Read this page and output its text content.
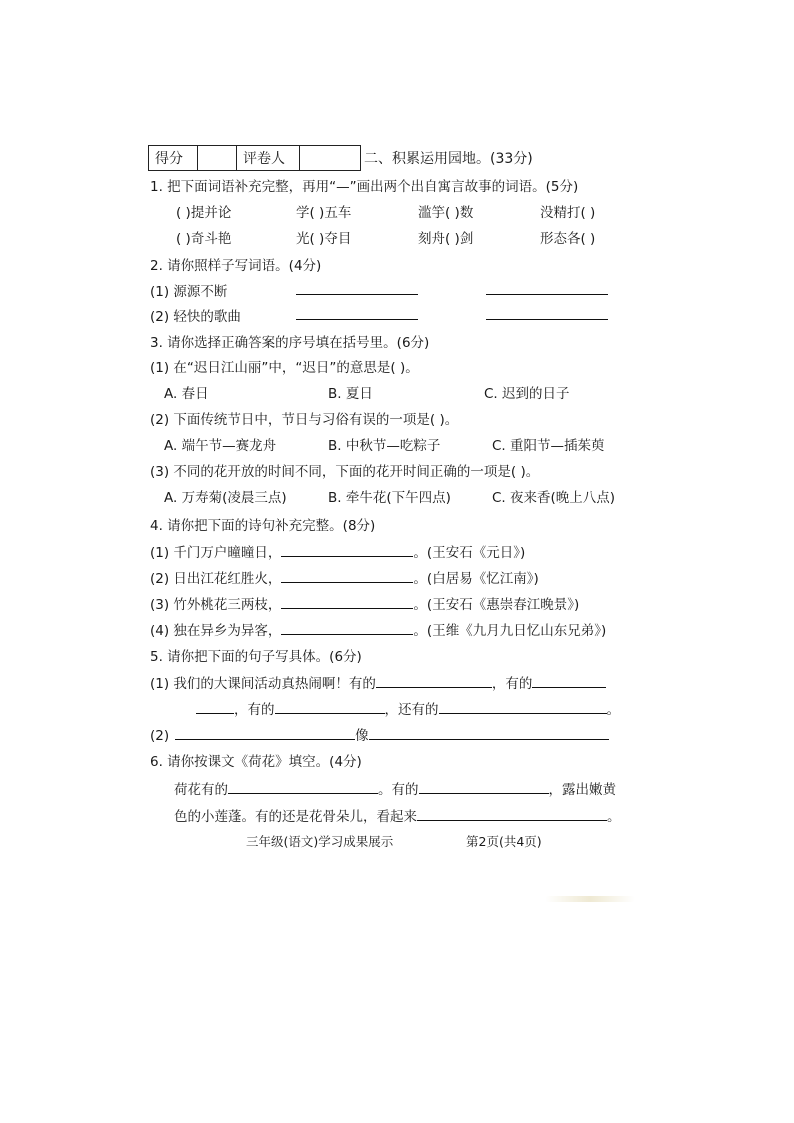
得分		评卷人		二、积累运用园地。(33分)
1. 把下面词语补充完整，再用“—”画出两个出自寓言故事的词语。(5分)
( )提并论	学( )五车	滥竽( )数	没精打( )
( )奇斗艳	光( )夺目	刻舟( )剑	形态各( )
2. 请你照样子写词语。(4分)
(1) 源源不断
(2) 轻快的歌曲
3. 请你选择正确答案的序号填在括号里。(6分)
(1) 在“迟日江山丽”中，“迟日”的意思是( )。
A. 春日	B. 夏日	C. 迟到的日子
(2) 下面传统节日中，节日与习俗有误的一项是( )。
A. 端午节—赛龙舟	B. 中秋节—吃粽子	C. 重阳节—插茱萸
(3) 不同的花开放的时间不同，下面的花开时间正确的一项是( )。
A. 万寿菊(凌晨三点)	B. 牵牛花(下午四点)	C. 夜来香(晚上八点)
4. 请你把下面的诗句补充完整。(8分)
(1) 千门万户曈曈日，	。(王安石《元日》)
(2) 日出江花红胜火，	。(白居易《忆江南》)
(3) 竹外桃花三两枝，	。(王安石《惠崇春江晚景》)
(4) 独在异乡为异客，	。(王维《九月九日忆山东兄弟》)
5. 请你把下面的句子写具体。(6分)
(1) 我们的大课间活动真热闹啊！有的	，有的
，有的	，还有的	。
(2)	像
6. 请你按课文《荷花》填空。(4分)
荷花有的	。有的	，露出嫩黄
色的小莲蓬。有的还是花骨朵儿，看起来	。
三年级(语文)学习成果展示	第2页(共4页)
